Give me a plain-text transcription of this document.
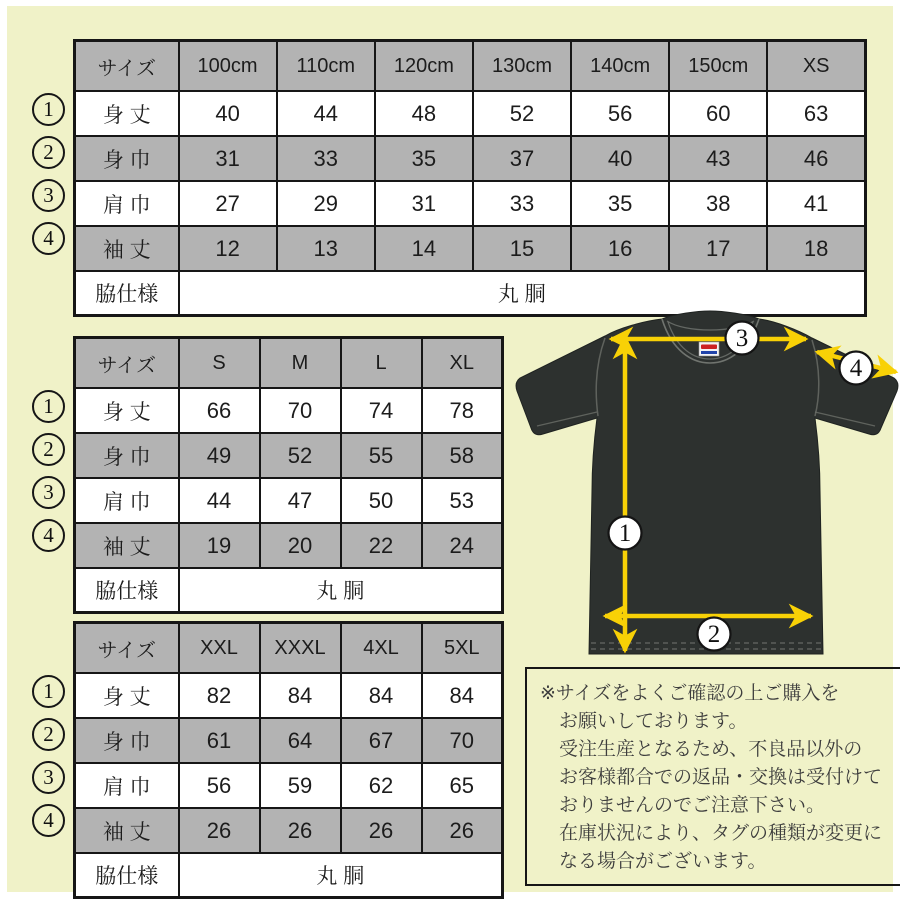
サイズ	100cm	110cm	120cm	130cm	140cm	150cm	XS
身 丈	40	44	48	52	56	60	63
身 巾	31	33	35	37	40	43	46
肩 巾	27	29	31	33	35	38	41
袖 丈	12	13	14	15	16	17	18
脇仕様	丸 胴						
サイズ	S	M	L	XL
身 丈	66	70	74	78
身 巾	49	52	55	58
肩 巾	44	47	50	53
袖 丈	19	20	22	24
脇仕様	丸 胴			
サイズ	XXL	XXXL	4XL	5XL
身 丈	82	84	84	84
身 巾	61	64	67	70
肩 巾	56	59	62	65
袖 丈	26	26	26	26
脇仕様	丸 胴			
1
2
3
4
※サイズをよくご確認の上ご購入を
お願いしております。
受注生産となるため、不良品以外の
お客様都合での返品・交換は受付けて
おりませんのでご注意下さい。
在庫状況により、タグの種類が変更に
なる場合がございます。
1
2
3
4
1
2
3
4
1
2
3
4
